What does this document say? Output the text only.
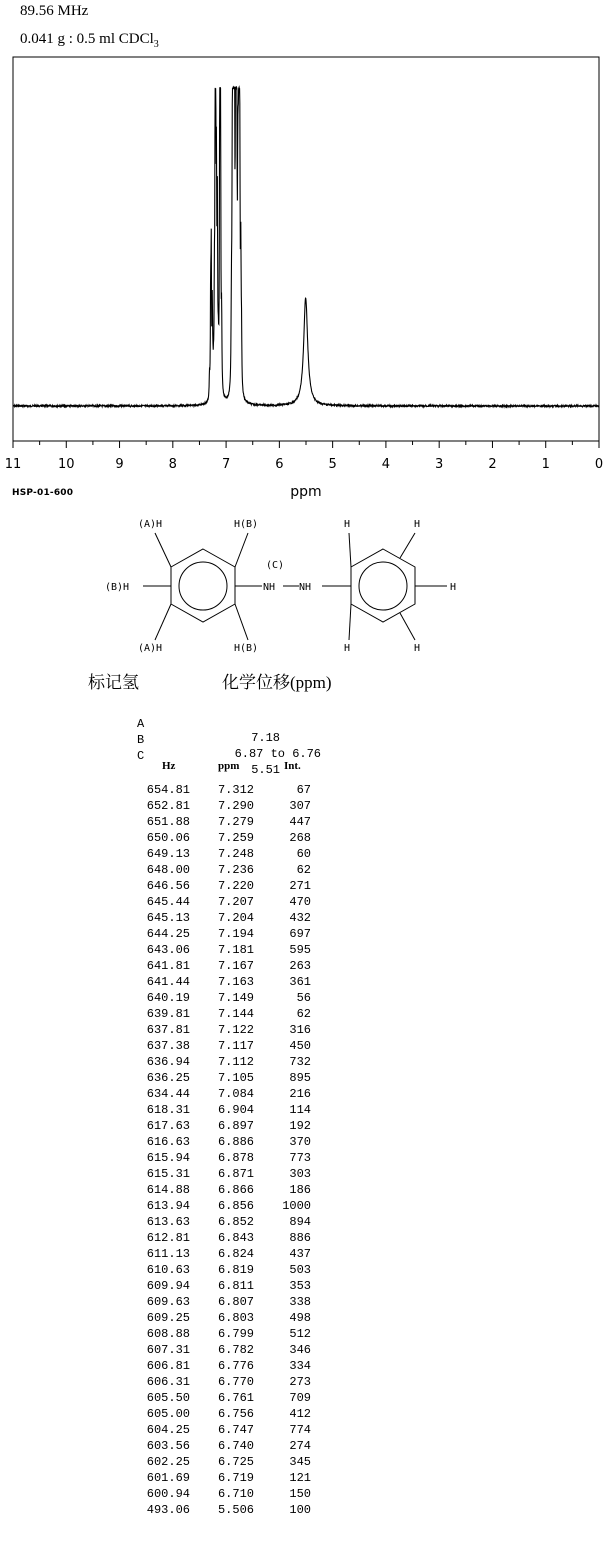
89.56 MHz
0.041 g : 0.5 ml CDCl$_3$
11	10	9	8	7	6	5	4	3	2	1	0
ppm
HSP-01-600
(A)H	H(B)
(B)H
(A)H	H(B)
(C)
NH NH
H	H
H
H	H
标记氢	化学位移(ppm)

A

7.18

B

6.87 to 6.76

C

5.51

Hz	ppm	Int.
654.81 7.312	67
652.81 7.290	307
651.88 7.279	447
650.06 7.259	268
649.13 7.248	60
648.00 7.236	62
646.56 7.220	271
645.44 7.207	470
645.13 7.204	432
644.25 7.194	697
643.06 7.181	595
641.81 7.167	263
641.44 7.163	361
640.19 7.149	56
639.81 7.144	62
637.81 7.122	316
637.38 7.117	450
636.94 7.112	732
636.25 7.105	895
634.44 7.084	216
618.31 6.904	114
617.63 6.897	192
616.63 6.886	370
615.94 6.878	773
615.31 6.871	303
614.88 6.866	186
613.94 6.856 1000
613.63 6.852	894
612.81 6.843	886
611.13 6.824	437
610.63 6.819	503
609.94 6.811	353
609.63 6.807	338
609.25 6.803	498
608.88 6.799	512
607.31 6.782	346
606.81 6.776	334
606.31 6.770	273
605.50 6.761	709
605.00 6.756	412
604.25 6.747	774
603.56 6.740	274
602.25 6.725	345
601.69 6.719	121
600.94 6.710	150
493.06 5.506	100
